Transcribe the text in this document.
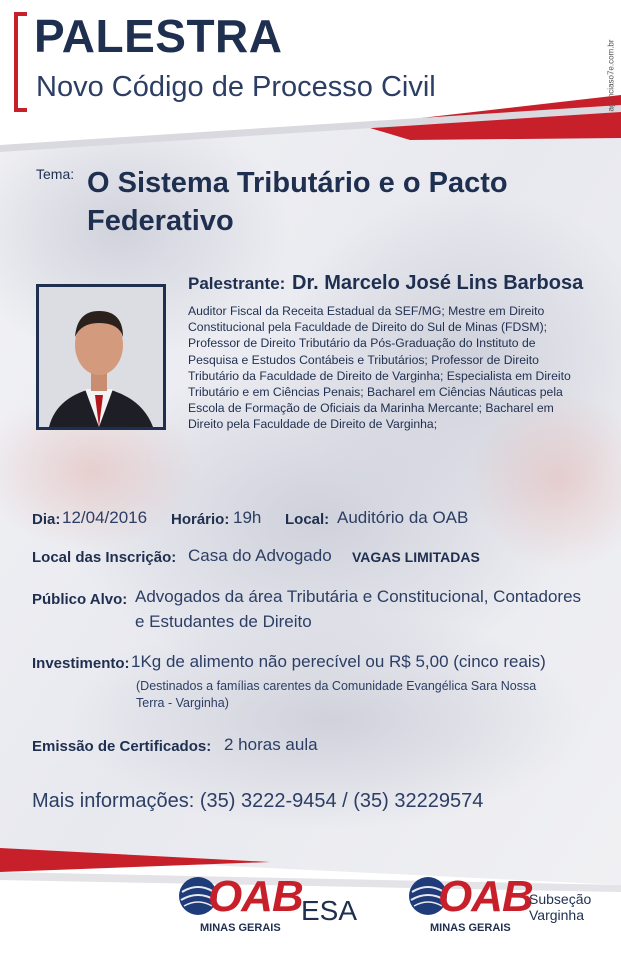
PALESTRA
Novo Código de Processo Civil	agenciaso7e.com.br
Tema: O Sistema Tributário e o Pacto
Federativo
Palestrante: Dr. Marcelo José Lins Barbosa
Auditor Fiscal da Receita Estadual da SEF/MG; Mestre em Direito
Constitucional pela Faculdade de Direito do Sul de Minas (FDSM);
Professor de Direito Tributário da Pós-Graduação do Instituto de
Pesquisa e Estudos Contábeis e Tributários; Professor de Direito
Tributário da Faculdade de Direito de Varginha; Especialista em Direito
Tributário e em Ciências Penais; Bacharel em Ciências Náuticas pela
Escola de Formação de Oficiais da Marinha Mercante; Bacharel em
Direito pela Faculdade de Direito de Varginha;
Dia: 12/04/2016 Horário: 19h Local: Auditório da OAB
Local das Inscrição: Casa do Advogado VAGAS LIMITADAS
Público Alvo: Advogados da área Tributária e Constitucional, Contadores
e Estudantes de Direito
Investimento: 1Kg de alimento não perecível ou R$ 5,00 (cinco reais)
(Destinados a famílias carentes da Comunidade Evangélica Sara Nossa
Terra - Varginha)
Emissão de Certificados: 2 horas aula
Mais informações: (35) 3222-9454 / (35) 32229574
OAB
MINAS GERAIS
ESA OAB
MINAS GERAIS
Subseção
Varginha
